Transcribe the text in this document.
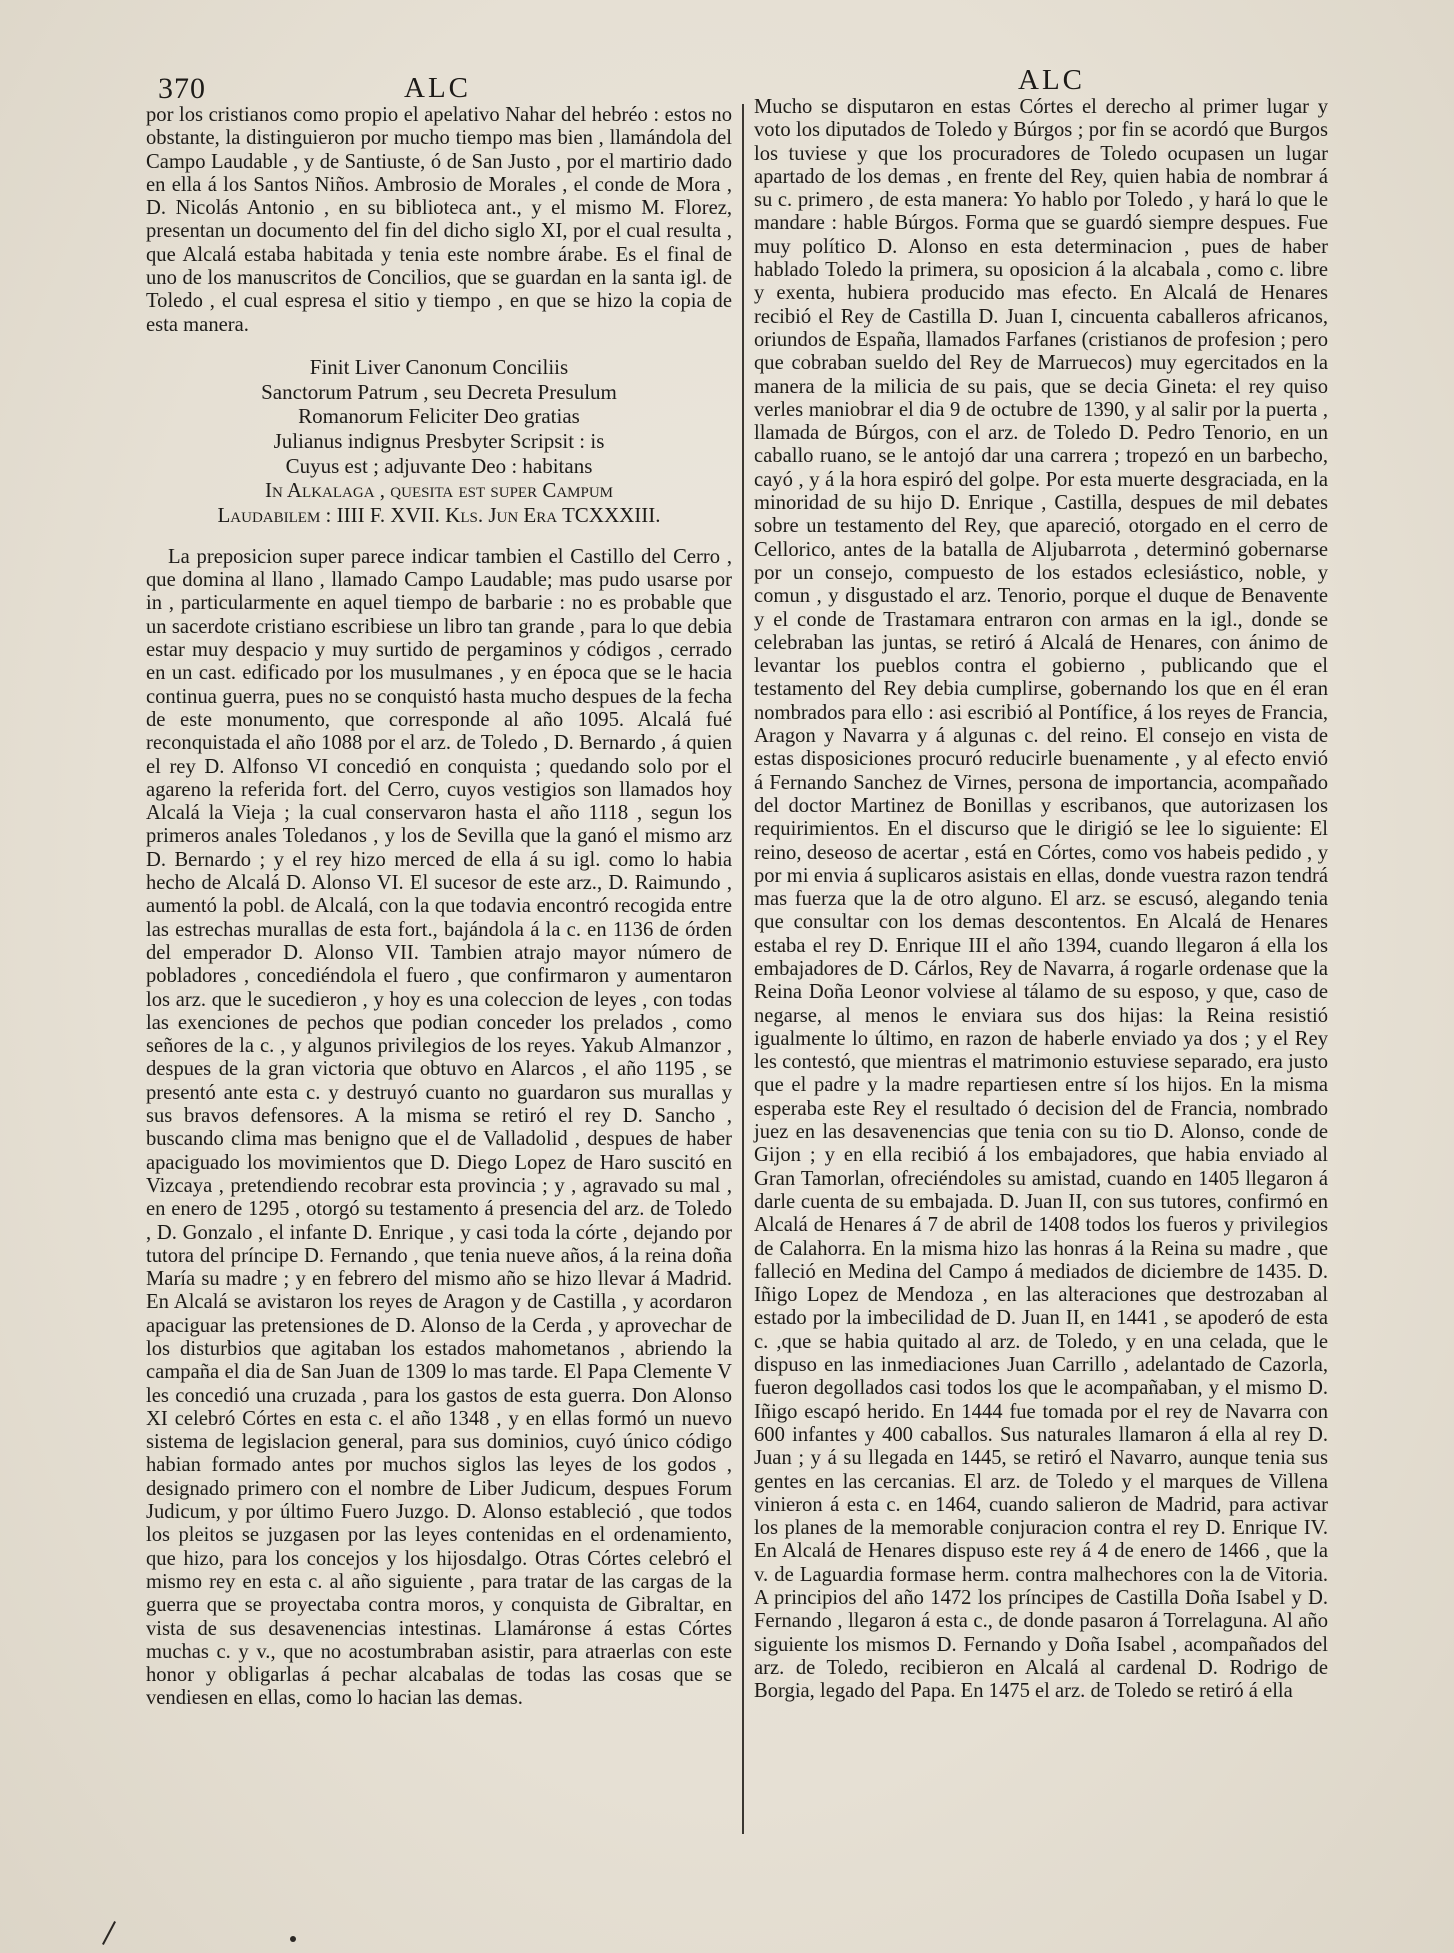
370	ALC	ALC

por los cristianos como propio el apelativo Nahar del hebréo : estos no obstante, la distinguieron por mucho tiempo mas bien , llamándola del Campo Laudable , y de Santiuste, ó de San Justo , por el martirio dado en ella á los Santos Niños. Ambrosio de Morales , el conde de Mora , D. Nicolás Antonio , en su biblioteca ant., y el mismo M. Florez, presentan un documento del fin del dicho siglo XI, por el cual resulta , que Alcalá estaba habitada y tenia este nombre árabe. Es el final de uno de los manuscritos de Concilios, que se guardan en la santa igl. de Toledo , el cual espresa el sitio y tiempo , en que se hizo la copia de esta manera.

Finit Liver Canonum Conciliis
Sanctorum Patrum , seu Decreta Presulum
Romanorum Feliciter Deo gratias
Julianus indignus Presbyter Scripsit : is
Cuyus est ; adjuvante Deo : habitans
In Alkalaga , quesita est super Campum
Laudabilem : IIII F. XVII. Kls. Jun Era TCXXXIII.

La preposicion super parece indicar tambien el Castillo del Cerro , que domina al llano , llamado Campo Laudable; mas pudo usarse por in , particularmente en aquel tiempo de barbarie : no es probable que un sacerdote cristiano escribiese un libro tan grande , para lo que debia estar muy despacio y muy surtido de pergaminos y códigos , cerrado en un cast. edificado por los musulmanes , y en época que se le hacia continua guerra, pues no se conquistó hasta mucho despues de la fecha de este monumento, que corresponde al año 1095. Alcalá fué reconquistada el año 1088 por el arz. de Toledo , D. Bernardo , á quien el rey D. Alfonso VI concedió en conquista ; quedando solo por el agareno la referida fort. del Cerro, cuyos vestigios son llamados hoy Alcalá la Vieja ; la cual conservaron hasta el año 1118 , segun los primeros anales Toledanos , y los de Sevilla que la ganó el mismo arz D. Bernardo ; y el rey hizo merced de ella á su igl. como lo habia hecho de Alcalá D. Alonso VI. El sucesor de este arz., D. Raimundo , aumentó la pobl. de Alcalá, con la que todavia encontró recogida entre las estrechas murallas de esta fort., bajándola á la c. en 1136 de órden del emperador D. Alonso VII. Tambien atrajo mayor número de pobladores , concediéndola el fuero , que confirmaron y aumentaron los arz. que le sucedieron , y hoy es una coleccion de leyes , con todas las exenciones de pechos que podian conceder los prelados , como señores de la c. , y algunos privilegios de los reyes. Yakub Almanzor , despues de la gran victoria que obtuvo en Alarcos , el año 1195 , se presentó ante esta c. y destruyó cuanto no guardaron sus murallas y sus bravos defensores. A la misma se retiró el rey D. Sancho , buscando clima mas benigno que el de Valladolid , despues de haber apaciguado los movimientos que D. Diego Lopez de Haro suscitó en Vizcaya , pretendiendo recobrar esta provincia ; y , agravado su mal , en enero de 1295 , otorgó su testamento á presencia del arz. de Toledo , D. Gonzalo , el infante D. Enrique , y casi toda la córte , dejando por tutora del príncipe D. Fernando , que tenia nueve años, á la reina doña María su madre ; y en febrero del mismo año se hizo llevar á Madrid. En Alcalá se avistaron los reyes de Aragon y de Castilla , y acordaron apaciguar las pretensiones de D. Alonso de la Cerda , y aprovechar de los disturbios que agitaban los estados mahometanos , abriendo la campaña el dia de San Juan de 1309 lo mas tarde. El Papa Clemente V les concedió una cruzada , para los gastos de esta guerra. Don Alonso XI celebró Córtes en esta c. el año 1348 , y en ellas formó un nuevo sistema de legislacion general, para sus dominios, cuyó único código habian formado antes por muchos siglos las leyes de los godos , designado primero con el nombre de Liber Judicum, despues Forum Judicum, y por último Fuero Juzgo. D. Alonso estableció , que todos los pleitos se juzgasen por las leyes contenidas en el ordenamiento, que hizo, para los concejos y los hijosdalgo. Otras Córtes celebró el mismo rey en esta c. al año siguiente , para tratar de las cargas de la guerra que se proyectaba contra moros, y conquista de Gibraltar, en vista de sus desavenencias intestinas. Llamáronse á estas Córtes muchas c. y v., que no acostumbraban asistir, para atraerlas con este honor y obligarlas á pechar alcabalas de todas las cosas que se vendiesen en ellas, como lo hacian las demas.

Mucho se disputaron en estas Córtes el derecho al primer lugar y voto los diputados de Toledo y Búrgos ; por fin se acordó que Burgos los tuviese y que los procuradores de Toledo ocupasen un lugar apartado de los demas , en frente del Rey, quien habia de nombrar á su c. primero , de esta manera: Yo hablo por Toledo , y hará lo que le mandare : hable Búrgos. Forma que se guardó siempre despues. Fue muy político D. Alonso en esta determinacion , pues de haber hablado Toledo la primera, su oposicion á la alcabala , como c. libre y exenta, hubiera producido mas efecto. En Alcalá de Henares recibió el Rey de Castilla D. Juan I, cincuenta caballeros africanos, oriundos de España, llamados Farfanes (cristianos de profesion ; pero que cobraban sueldo del Rey de Marruecos) muy egercitados en la manera de la milicia de su pais, que se decia Gineta: el rey quiso verles maniobrar el dia 9 de octubre de 1390, y al salir por la puerta , llamada de Búrgos, con el arz. de Toledo D. Pedro Tenorio, en un caballo ruano, se le antojó dar una carrera ; tropezó en un barbecho, cayó , y á la hora espiró del golpe. Por esta muerte desgraciada, en la minoridad de su hijo D. Enrique , Castilla, despues de mil debates sobre un testamento del Rey, que apareció, otorgado en el cerro de Cellorico, antes de la batalla de Aljubarrota , determinó gobernarse por un consejo, compuesto de los estados eclesiástico, noble, y comun , y disgustado el arz. Tenorio, porque el duque de Benavente y el conde de Trastamara entraron con armas en la igl., donde se celebraban las juntas, se retiró á Alcalá de Henares, con ánimo de levantar los pueblos contra el gobierno , publicando que el testamento del Rey debia cumplirse, gobernando los que en él eran nombrados para ello : asi escribió al Pontífice, á los reyes de Francia, Aragon y Navarra y á algunas c. del reino. El consejo en vista de estas disposiciones procuró reducirle buenamente , y al efecto envió á Fernando Sanchez de Virnes, persona de importancia, acompañado del doctor Martinez de Bonillas y escribanos, que autorizasen los requirimientos. En el discurso que le dirigió se lee lo siguiente: El reino, deseoso de acertar , está en Córtes, como vos habeis pedido , y por mi envia á suplicaros asistais en ellas, donde vuestra razon tendrá mas fuerza que la de otro alguno. El arz. se escusó, alegando tenia que consultar con los demas descontentos. En Alcalá de Henares estaba el rey D. Enrique III el año 1394, cuando llegaron á ella los embajadores de D. Cárlos, Rey de Navarra, á rogarle ordenase que la Reina Doña Leonor volviese al tálamo de su esposo, y que, caso de negarse, al menos le enviara sus dos hijas: la Reina resistió igualmente lo último, en razon de haberle enviado ya dos ; y el Rey les contestó, que mientras el matrimonio estuviese separado, era justo que el padre y la madre repartiesen entre sí los hijos. En la misma esperaba este Rey el resultado ó decision del de Francia, nombrado juez en las desavenencias que tenia con su tio D. Alonso, conde de Gijon ; y en ella recibió á los embajadores, que habia enviado al Gran Tamorlan, ofreciéndoles su amistad, cuando en 1405 llegaron á darle cuenta de su embajada. D. Juan II, con sus tutores, confirmó en Alcalá de Henares á 7 de abril de 1408 todos los fueros y privilegios de Calahorra. En la misma hizo las honras á la Reina su madre , que falleció en Medina del Campo á mediados de diciembre de 1435. D. Iñigo Lopez de Mendoza , en las alteraciones que destrozaban al estado por la imbecilidad de D. Juan II, en 1441 , se apoderó de esta c. ,que se habia quitado al arz. de Toledo, y en una celada, que le dispuso en las inmediaciones Juan Carrillo , adelantado de Cazorla, fueron degollados casi todos los que le acompañaban, y el mismo D. Iñigo escapó herido. En 1444 fue tomada por el rey de Navarra con 600 infantes y 400 caballos. Sus naturales llamaron á ella al rey D. Juan ; y á su llegada en 1445, se retiró el Navarro, aunque tenia sus gentes en las cercanias. El arz. de Toledo y el marques de Villena vinieron á esta c. en 1464, cuando salieron de Madrid, para activar los planes de la memorable conjuracion contra el rey D. Enrique IV. En Alcalá de Henares dispuso este rey á 4 de enero de 1466 , que la v. de Laguardia formase herm. contra malhechores con la de Vitoria. A principios del año 1472 los príncipes de Castilla Doña Isabel y D. Fernando , llegaron á esta c., de donde pasaron á Torrelaguna. Al año siguiente los mismos D. Fernando y Doña Isabel , acompañados del arz. de Toledo, recibieron en Alcalá al cardenal D. Rodrigo de Borgia, legado del Papa. En 1475 el arz. de Toledo se retiró á ella
